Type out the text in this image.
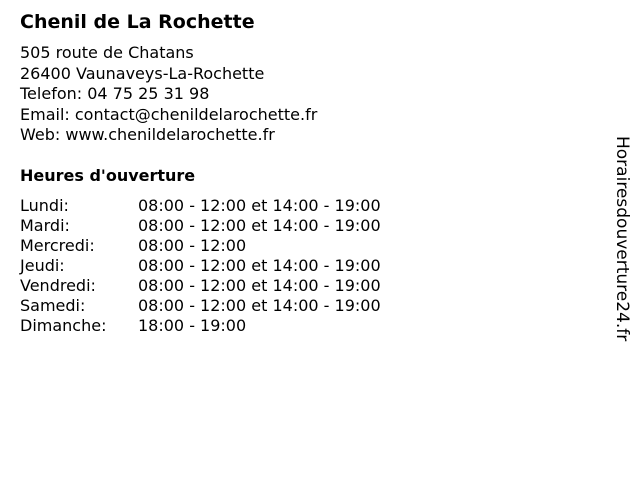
Chenil de La Rochette
505 route de Chatans
26400 Vaunaveys-La-Rochette
Telefon: 04 75 25 31 98
Email: contact@chenildelarochette.fr
Web: www.chenildelarochette.fr
Heures d'ouverture
Lundi:	08:00 - 12:00 et 14:00 - 19:00
Mardi:	08:00 - 12:00 et 14:00 - 19:00
Mercredi:	08:00 - 12:00
Jeudi:	08:00 - 12:00 et 14:00 - 19:00
Vendredi:	08:00 - 12:00 et 14:00 - 19:00
Samedi:	08:00 - 12:00 et 14:00 - 19:00
Dimanche:	18:00 - 19:00	Horairesdouverture24.fr
